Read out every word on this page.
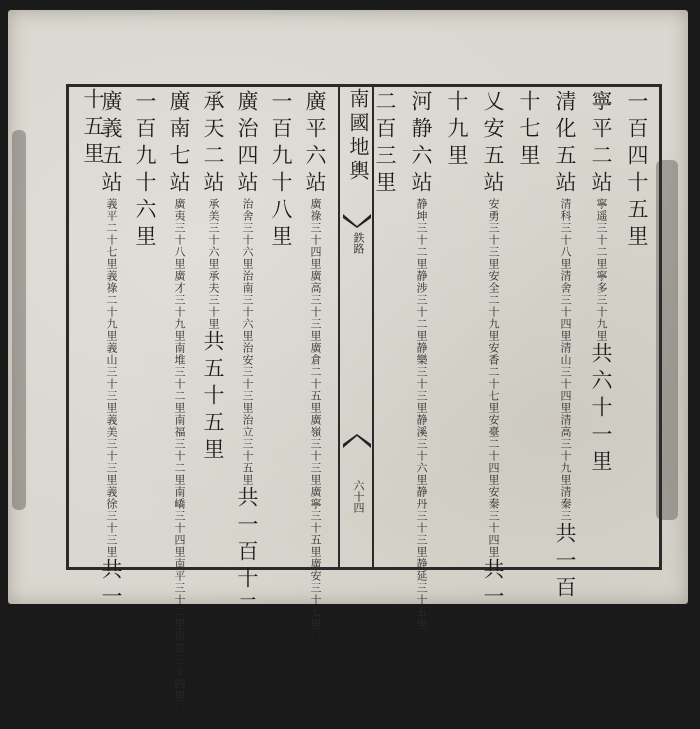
十五里	南國地輿
鉄路
六十四
一百四十五里
寧平二站寧遥三十二里寧多三十九里共六十一里
清化五站清科三十八里清舍三十四里清山三十四里清高三十九里清秦三共一百七
十七里
乂安五站安勇三十三里安全二十九里安香二十七里安臺二十四里安秦三十四里共一百四
十九里
河静六站静坤三十二里静涉三十二里静樂三十三里静溪三十六里静丹三十三里静延三十五里共
二百三里
廣平六站廣祿三十四里廣高三十三里廣倉二十五里廣嶺三十三里廣寧三十五里廣安三十七里共
一百九十八里
廣治四站治舍三十六里治南三十六里治安三十三里治立三十五里共一百十二里
承天二站承美三十六里承夫三十里共五十五里
廣南七站廣夷三十八里廣才三十九里南堆三十二里南福三十二里南嶠三十四里南平三十二里南雲三十四里共
一百九十六里
廣義五站義平二十七里義祿二十九里義山三十三里義美三十三里義徐三十三里共一百五
